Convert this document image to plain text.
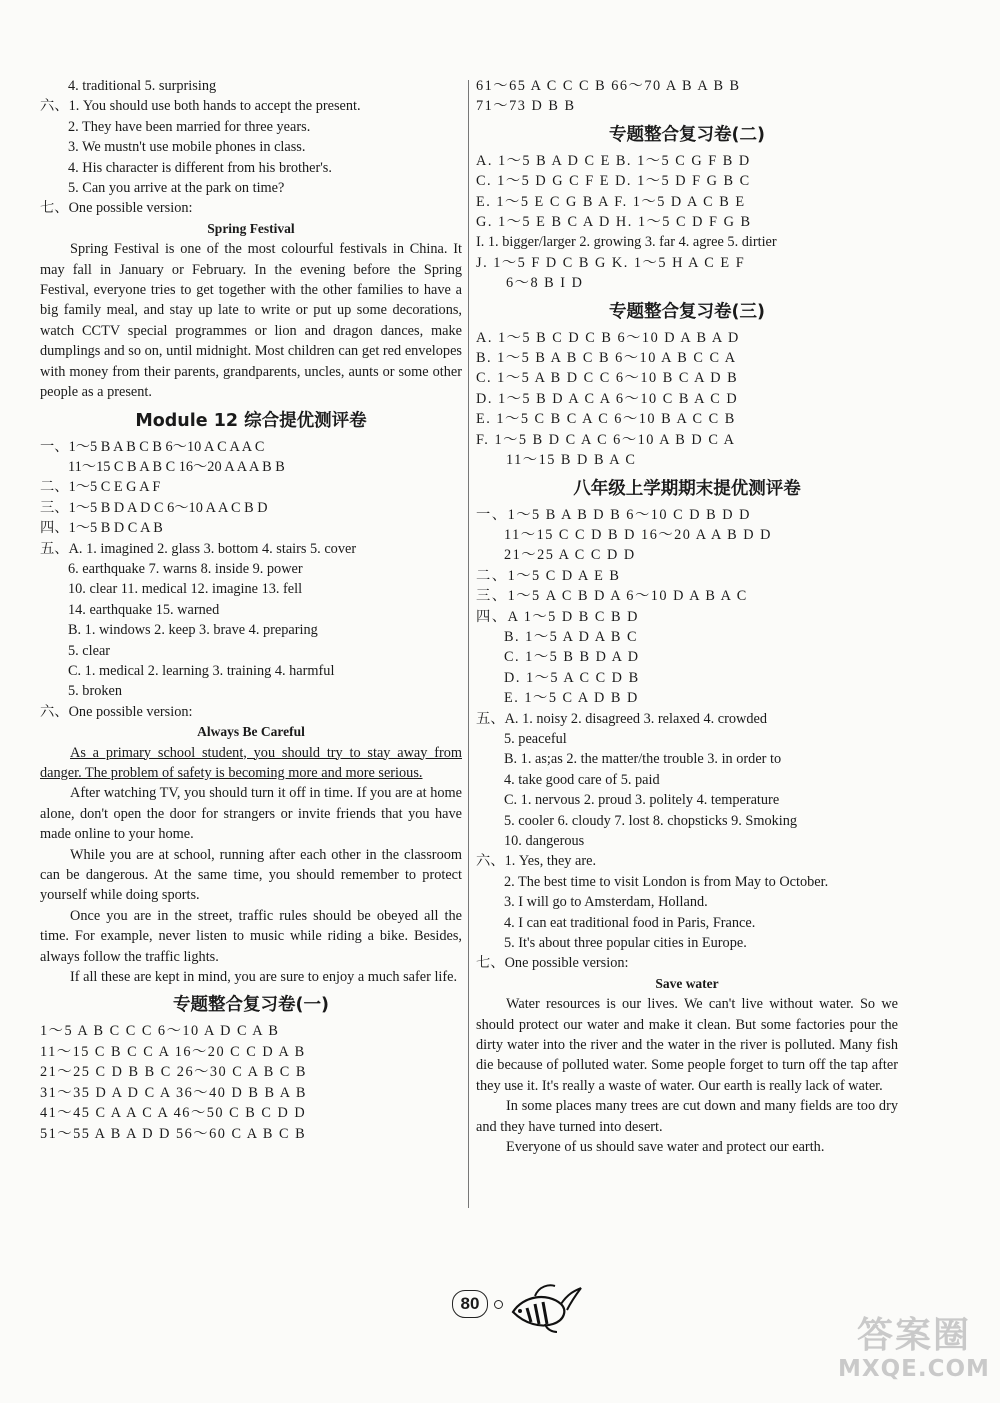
4. traditional 5. surprising
六、1. You should use both hands to accept the present.
2. They have been married for three years.
3. We mustn't use mobile phones in class.
4. His character is different from his brother's.
5. Can you arrive at the park on time?
七、One possible version:
Spring Festival

Spring Festival is one of the most colourful festivals in China. It may fall in January or February. In the evening before the Spring Festival, everyone tries to get together with the other families to have a big family meal, and stay up late to write or put up some decorations, watch CCTV special programmes or lion and dragon dances, make dumplings and so on, until midnight. Most children can get red envelopes with money from their parents, grandparents, uncles, aunts or some other people as a present.

Module 12 综合提优测评卷
一、1～5 B A B C B 6～10 A C A A C
11～15 C B A B C 16～20 A A A B B
二、1～5 C E G A F
三、1～5 B D A D C 6～10 A A C B D
四、1～5 B D C A B
五、A. 1. imagined 2. glass 3. bottom 4. stairs 5. cover
6. earthquake 7. warns 8. inside 9. power
10. clear 11. medical 12. imagine 13. fell
14. earthquake 15. warned
B. 1. windows 2. keep 3. brave 4. preparing
5. clear
C. 1. medical 2. learning 3. training 4. harmful
5. broken
六、One possible version:
Always Be Careful

As a primary school student, you should try to stay away from danger. The problem of safety is becoming more and more serious.

After watching TV, you should turn it off in time. If you are at home alone, don't open the door for strangers or invite friends that you have made online to your home.

While you are at school, running after each other in the classroom can be dangerous. At the same time, you should remember to protect yourself while doing sports.

Once you are in the street, traffic rules should be obeyed all the time. For example, never listen to music while riding a bike. Besides, always follow the traffic lights.

If all these are kept in mind, you are sure to enjoy a much safer life.

专题整合复习卷(一)
1～5 A B C C C 6～10 A D C A B
11～15 C B C C A 16～20 C C D A B
21～25 C D B B C 26～30 C A B C B
31～35 D A D C A 36～40 D B B A B
41～45 C A A C A 46～50 C B C D D
51～55 A B A D D 56～60 C A B C B
61～65 A C C C B 66～70 A B A B B
71～73 D B B
专题整合复习卷(二)
A. 1～5 B A D C E B. 1～5 C G F B D
C. 1～5 D G C F E D. 1～5 D F G B C
E. 1～5 E C G B A F. 1～5 D A C B E
G. 1～5 E B C A D H. 1～5 C D F G B
I. 1. bigger/larger 2. growing 3. far 4. agree 5. dirtier
J. 1～5 F D C B G K. 1～5 H A C E F
6～8 B I D
专题整合复习卷(三)
A. 1～5 B C D C B 6～10 D A B A D
B. 1～5 B A B C B 6～10 A B C C A
C. 1～5 A B D C C 6～10 B C A D B
D. 1～5 B D A C A 6～10 C B A C D
E. 1～5 C B C A C 6～10 B A C C B
F. 1～5 B D C A C 6～10 A B D C A
11～15 B D B A C
八年级上学期期末提优测评卷
一、1～5 B A B D B 6～10 C D B D D
11～15 C C D B D 16～20 A A B D D
21～25 A C C D D
二、1～5 C D A E B
三、1～5 A C B D A 6～10 D A B A C
四、A 1～5 D B C B D
B. 1～5 A D A B C
C. 1～5 B B D A D
D. 1～5 A C C D B
E. 1～5 C A D B D
五、A. 1. noisy 2. disagreed 3. relaxed 4. crowded
5. peaceful
B. 1. as;as 2. the matter/the trouble 3. in order to
4. take good care of 5. paid
C. 1. nervous 2. proud 3. politely 4. temperature
5. cooler 6. cloudy 7. lost 8. chopsticks 9. Smoking
10. dangerous
六、1. Yes, they are.
2. The best time to visit London is from May to October.
3. I will go to Amsterdam, Holland.
4. I can eat traditional food in Paris, France.
5. It's about three popular cities in Europe.
七、One possible version:
Save water

Water resources is our lives. We can't live without water. So we should protect our water and make it clean. But some factories pour the dirty water into the river and the water in the river is polluted. Many fish die because of polluted water. Some people forget to turn off the tap after they use it. It's really a waste of water. Our earth is really lack of water.

In some places many trees are cut down and many fields are too dry and they have turned into desert.

Everyone of us should save water and protect our earth.

80
答案圈
MXQE.COM
